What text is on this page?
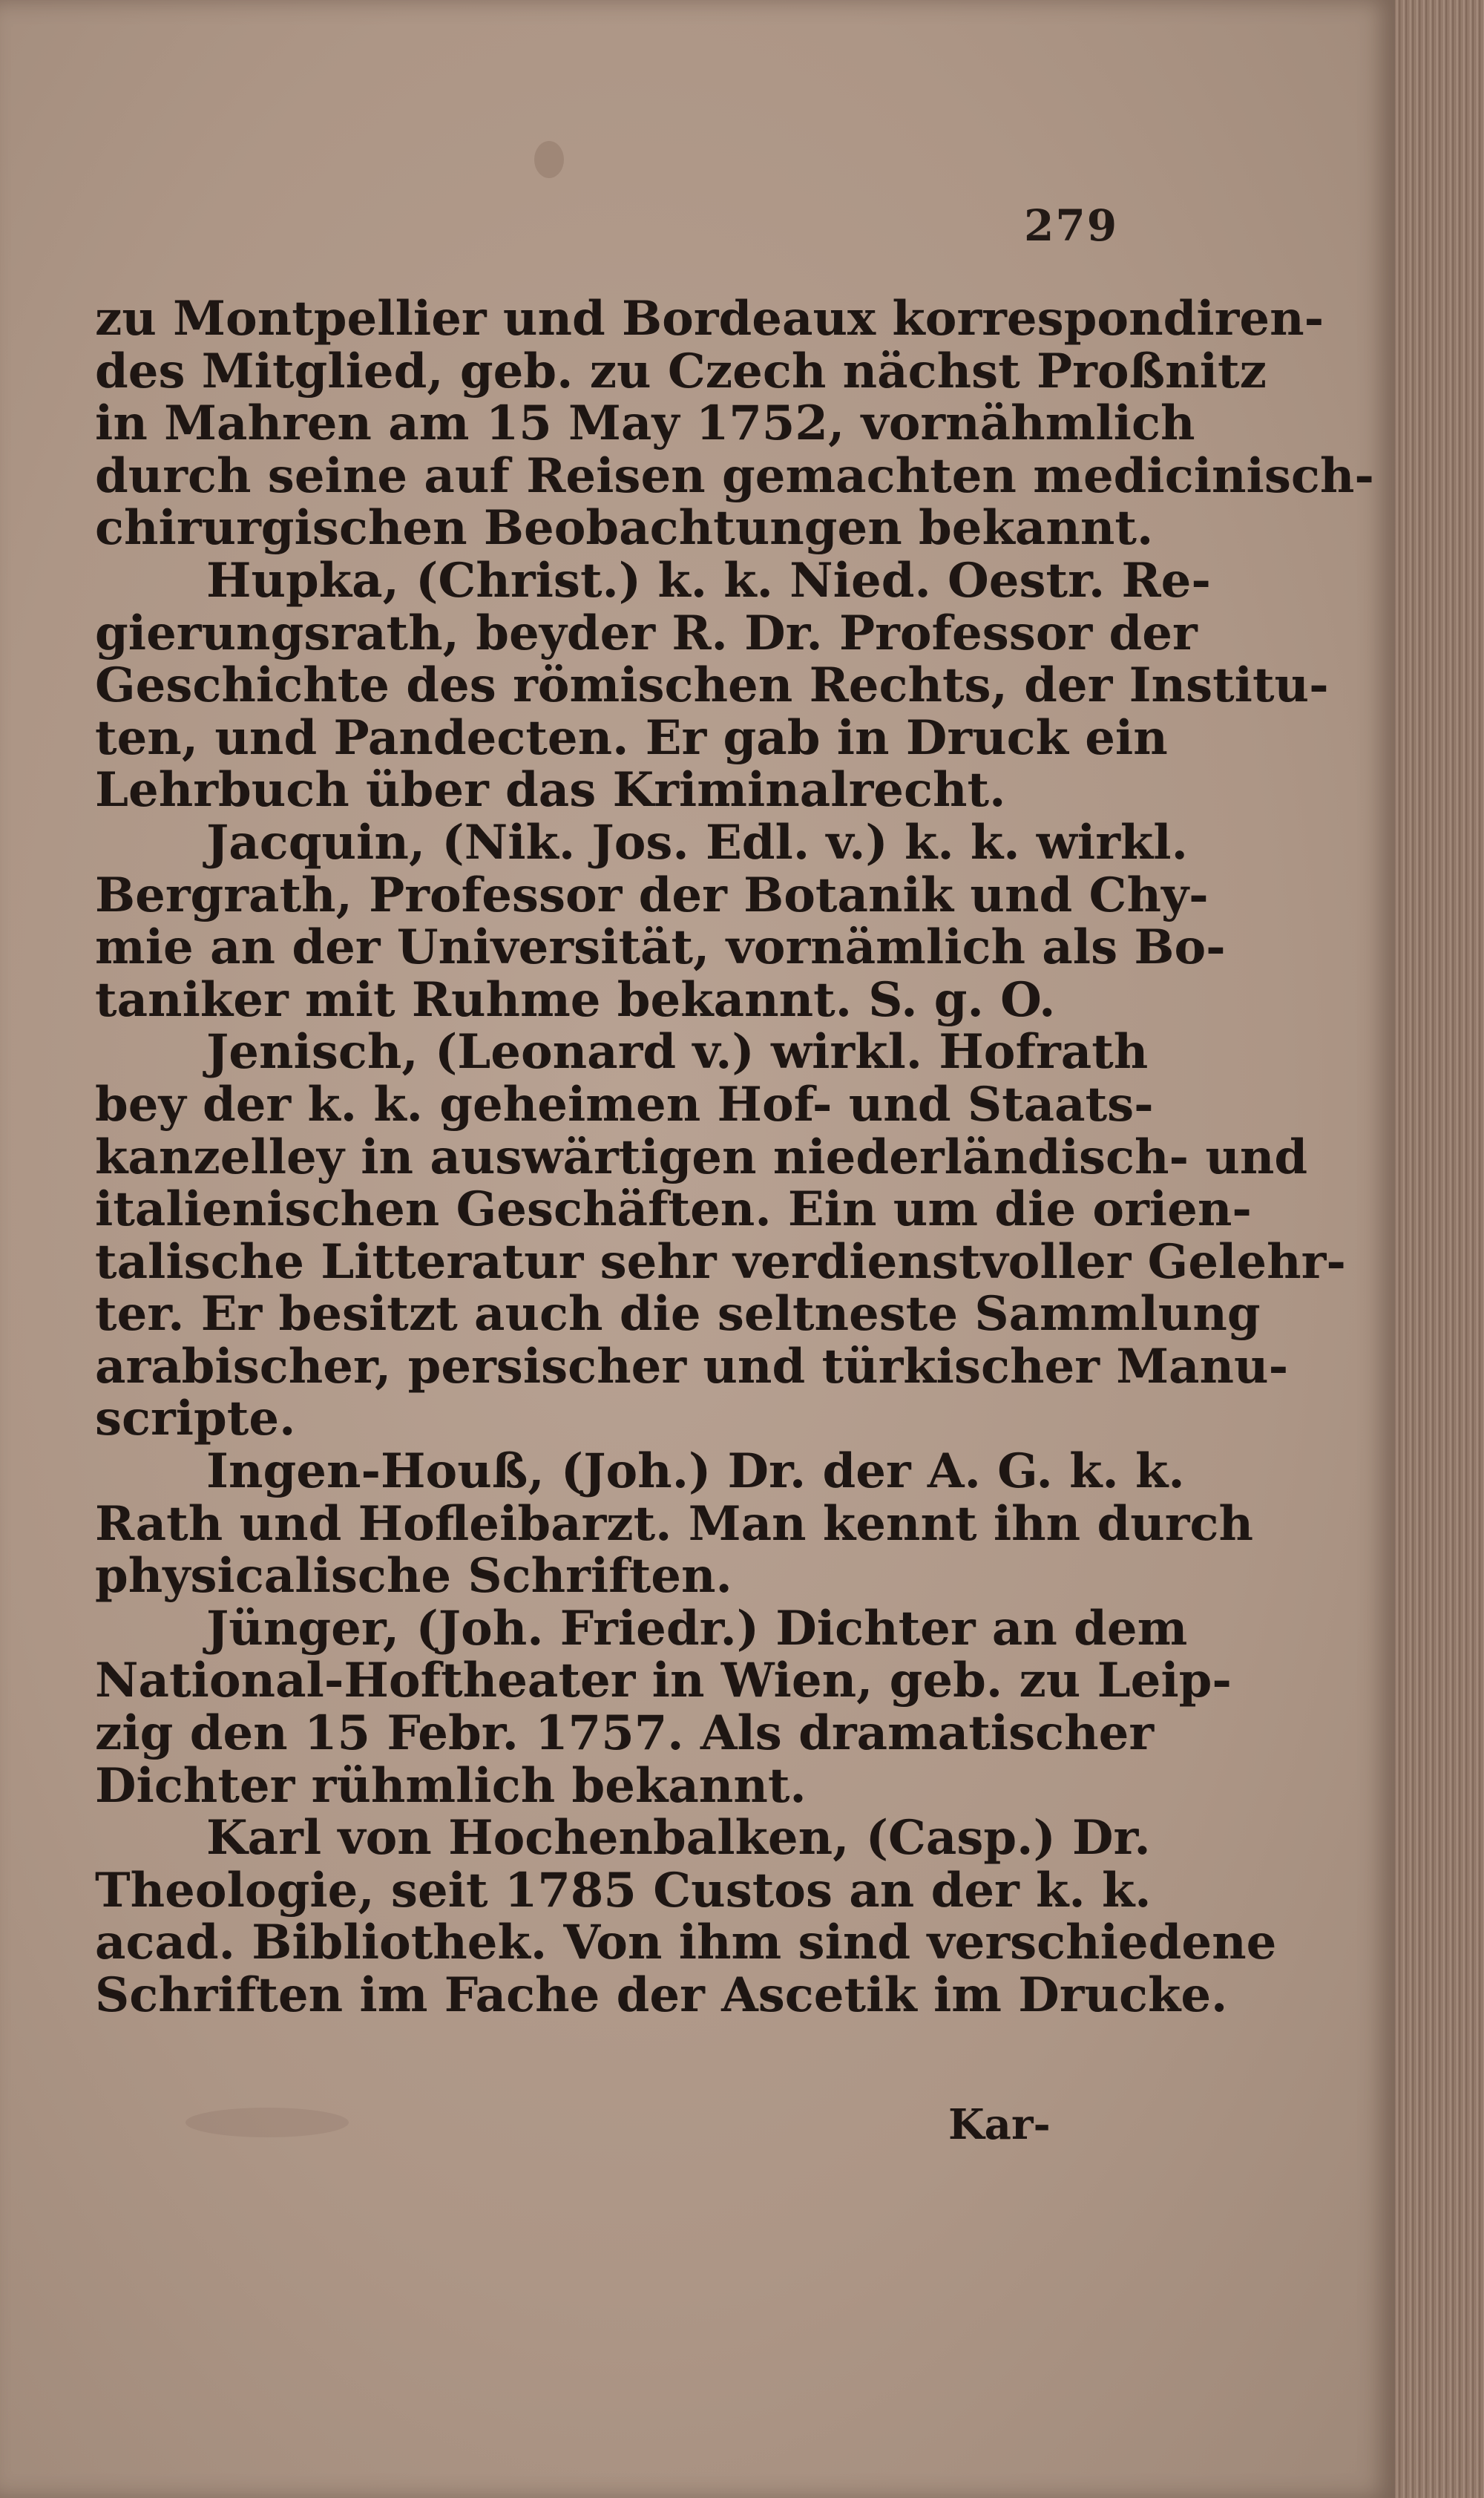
279
zu Montpellier und Bordeaux korrespondiren-
des Mitglied, geb. zu Czech nächst Proßnitz
in Mahren am 15 May 1752, vornähmlich
durch seine auf Reisen gemachten medicinisch-
chirurgischen Beobachtungen bekannt.
Hupka, (Christ.) k. k. Nied. Oestr. Re-
gierungsrath, beyder R. Dr. Professor der
Geschichte des römischen Rechts, der Institu-
ten, und Pandecten. Er gab in Druck ein
Lehrbuch über das Kriminalrecht.
Jacquin, (Nik. Jos. Edl. v.) k. k. wirkl.
Bergrath, Professor der Botanik und Chy-
mie an der Universität, vornämlich als Bo-
taniker mit Ruhme bekannt. S. g. O.
Jenisch, (Leonard v.) wirkl. Hofrath
bey der k. k. geheimen Hof- und Staats-
kanzelley in auswärtigen niederländisch- und
italienischen Geschäften. Ein um die orien-
talische Litteratur sehr verdienstvoller Gelehr-
ter. Er besitzt auch die seltneste Sammlung
arabischer, persischer und türkischer Manu-
scripte.
Ingen-Houß, (Joh.) Dr. der A. G. k. k.
Rath und Hofleibarzt. Man kennt ihn durch
physicalische Schriften.
Jünger, (Joh. Friedr.) Dichter an dem
National-Hoftheater in Wien, geb. zu Leip-
zig den 15 Febr. 1757. Als dramatischer
Dichter rühmlich bekannt.
Karl von Hochenbalken, (Casp.) Dr.
Theologie, seit 1785 Custos an der k. k.
acad. Bibliothek. Von ihm sind verschiedene
Schriften im Fache der Ascetik im Drucke.
Kar-
